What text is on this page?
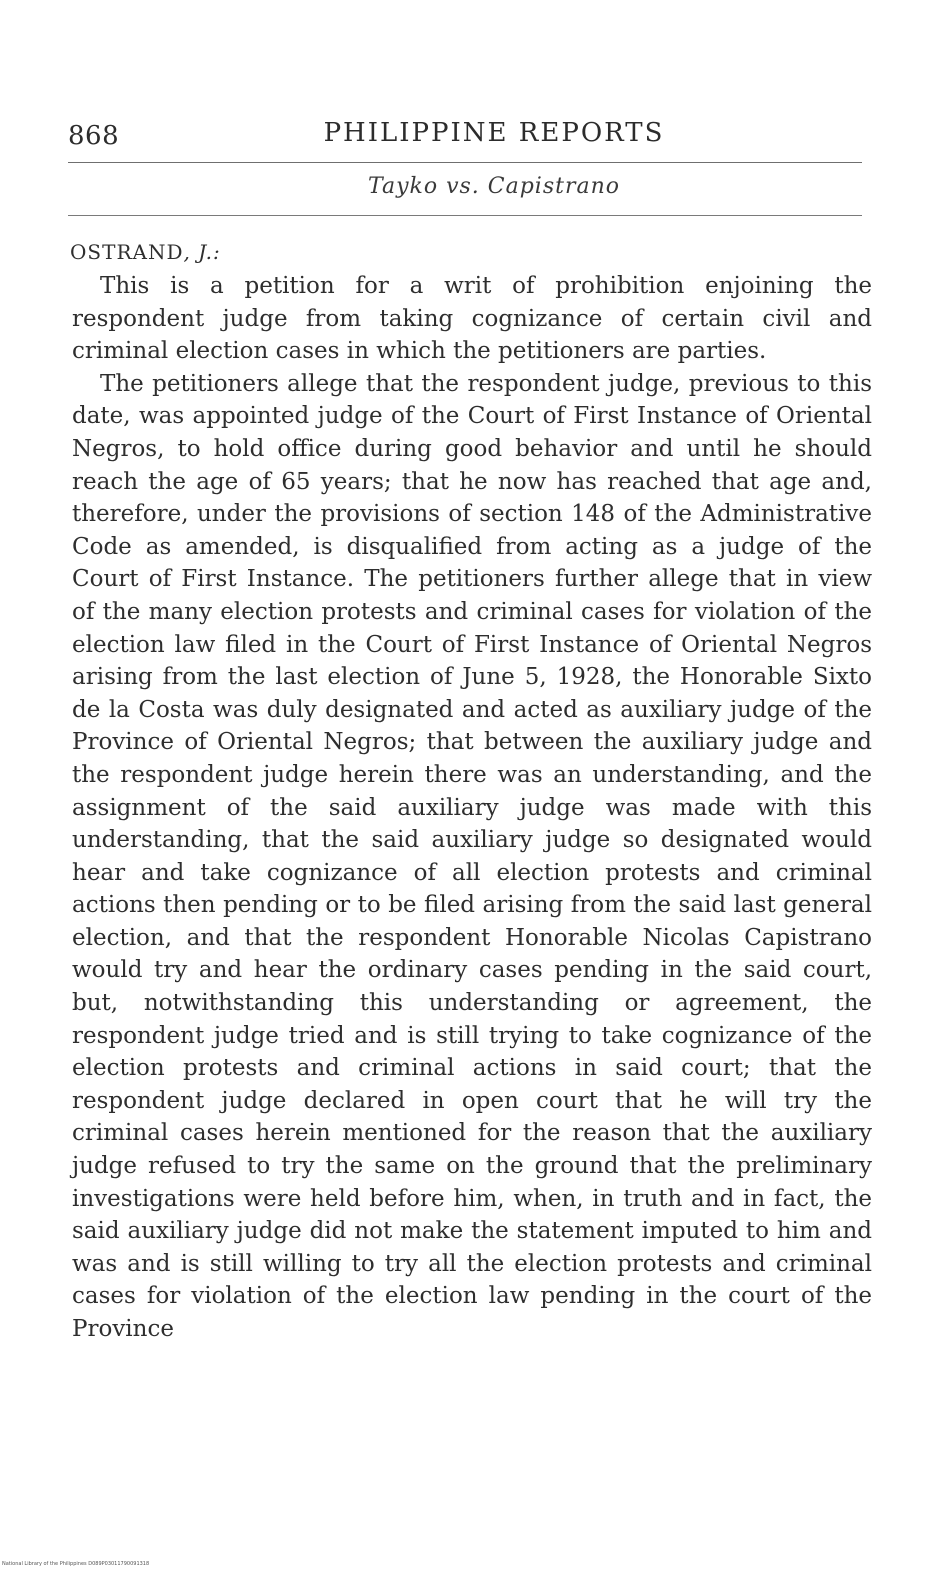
868	PHILIPPINE REPORTS
Tayko vs. Capistrano
OSTRAND, J.:

This is a petition for a writ of prohibition enjoining the respondent judge from taking cognizance of certain civil and criminal election cases in which the petitioners are parties.

The petitioners allege that the respondent judge, previous to this date, was appointed judge of the Court of First Instance of Oriental Negros, to hold office during good behavior and until he should reach the age of 65 years; that he now has reached that age and, therefore, under the provisions of section 148 of the Administrative Code as amended, is disqualified from acting as a judge of the Court of First Instance. The petitioners further allege that in view of the many election protests and criminal cases for violation of the election law filed in the Court of First Instance of Oriental Negros arising from the last election of June 5, 1928, the Honorable Sixto de la Costa was duly designated and acted as auxiliary judge of the Province of Oriental Negros; that between the auxiliary judge and the respondent judge herein there was an understanding, and the assignment of the said auxiliary judge was made with this understanding, that the said auxiliary judge so designated would hear and take cognizance of all election protests and criminal actions then pending or to be filed arising from the said last general election, and that the respondent Honorable Nicolas Capistrano would try and hear the ordinary cases pending in the said court, but, notwithstanding this understanding or agreement, the respondent judge tried and is still trying to take cognizance of the election protests and criminal actions in said court; that the respondent judge declared in open court that he will try the criminal cases herein mentioned for the reason that the auxiliary judge refused to try the same on the ground that the preliminary investigations were held before him, when, in truth and in fact, the said auxiliary judge did not make the statement imputed to him and was and is still willing to try all the election protests and criminal cases for violation of the election law pending in the court of the Province

National Library of the Philippines D089P03011790091318
